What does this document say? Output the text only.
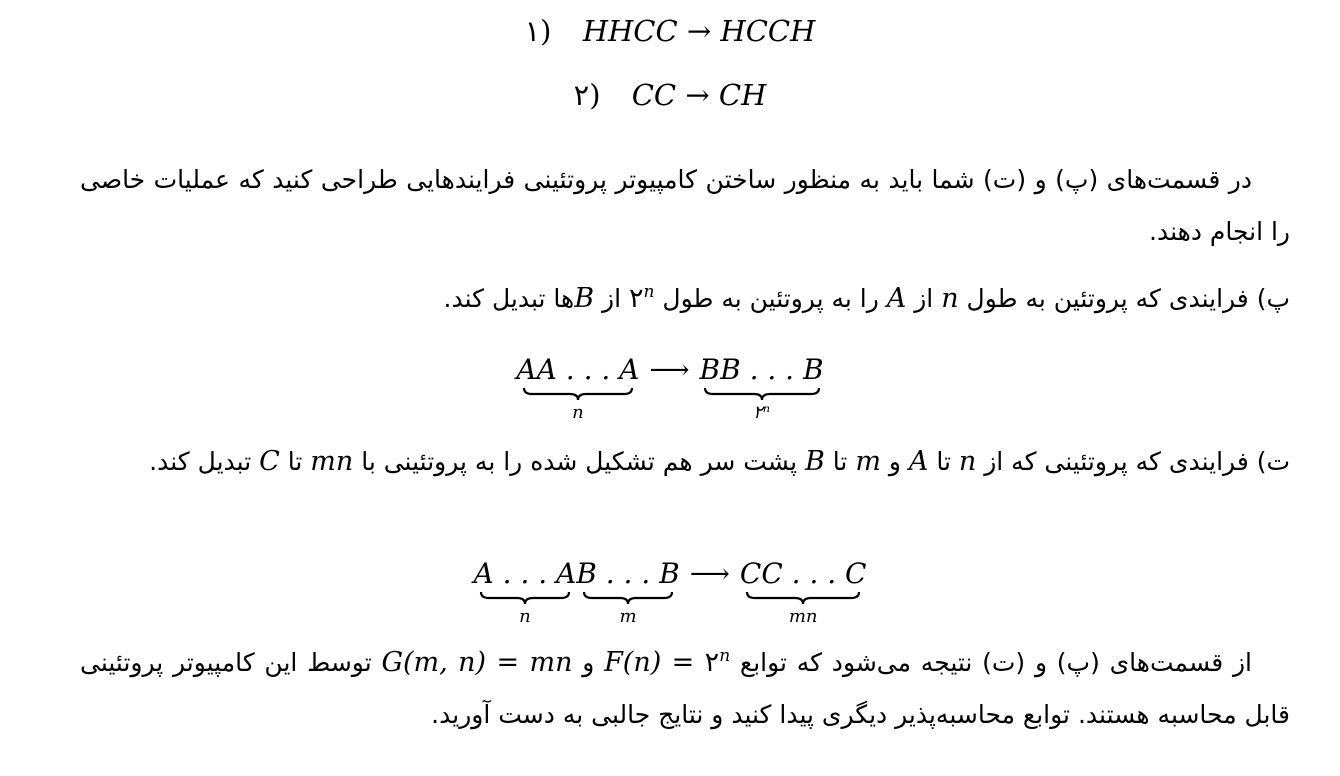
۱) HHCC → HCCH
۲) CC → CH
در قسمت‌های (پ) و (ت) شما باید به منظور ساختن کامپیوتر پروتئینی فرایندهایی طراحی کنید که عملیات خاصی را انجام دهند.
پ) فرایندی که پروتئین به طول n از A را به پروتئین به طول ۲$^n$ از Bها تبدیل کند.
AA . . . A
n
⟶ BB . . . B
۲ⁿ
ت) فرایندی که پروتئینی که از n تا A و m تا B پشت سر هم تشکیل شده را به پروتئینی با mn تا C تبدیل کند.
A . . . A
n
B . . . B
m
⟶ CC . . . C
mn
از قسمت‌های (پ) و (ت) نتیجه می‌شود که توابع $F(n) = ۲^n$ و G(m, n) = mn توسط این کامپیوتر پروتئینی قابل محاسبه هستند. توابع محاسبه‌پذیر دیگری پیدا کنید و نتایج جالبی به دست آورید.
